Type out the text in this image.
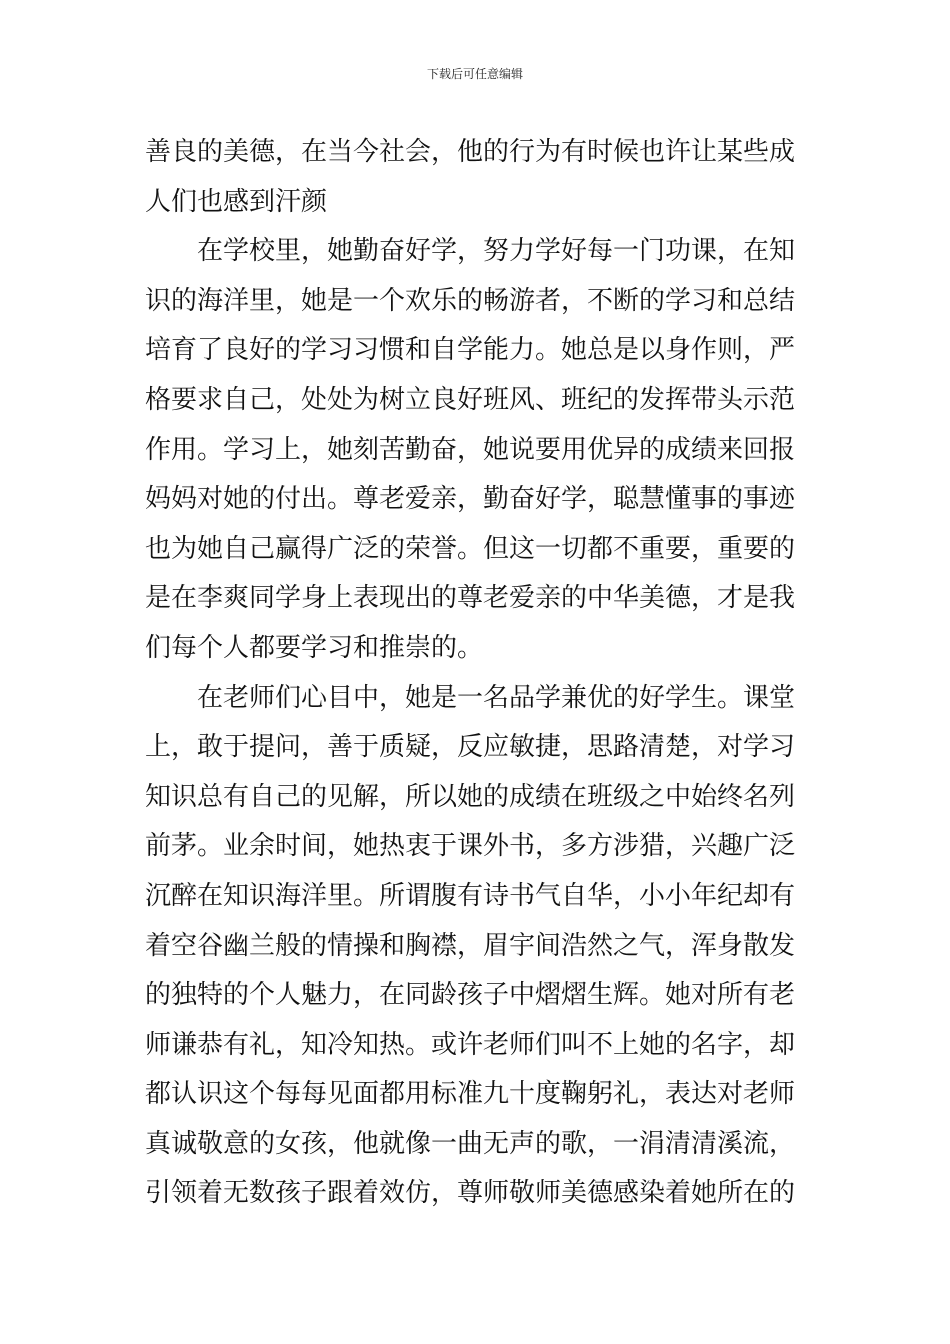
下载后可任意编辑
善良的美德，在当今社会，他的行为有时候也许让某些成
人们也感到汗颜
在学校里，她勤奋好学，努力学好每一门功课，在知
识的海洋里，她是一个欢乐的畅游者，不断的学习和总结
培育了良好的学习习惯和自学能力。她总是以身作则，严
格要求自己，处处为树立良好班风、班纪的发挥带头示范
作用。学习上，她刻苦勤奋，她说要用优异的成绩来回报
妈妈对她的付出。尊老爱亲，勤奋好学，聪慧懂事的事迹
也为她自己赢得广泛的荣誉。但这一切都不重要，重要的
是在李爽同学身上表现出的尊老爱亲的中华美德，才是我
们每个人都要学习和推崇的。
在老师们心目中，她是一名品学兼优的好学生。课堂
上，敢于提问，善于质疑，反应敏捷，思路清楚，对学习
知识总有自己的见解，所以她的成绩在班级之中始终名列
前茅。业余时间，她热衷于课外书，多方涉猎，兴趣广泛
沉醉在知识海洋里。所谓腹有诗书气自华，小小年纪却有
着空谷幽兰般的情操和胸襟，眉宇间浩然之气，浑身散发
的独特的个人魅力，在同龄孩子中熠熠生辉。她对所有老
师谦恭有礼，知冷知热。或许老师们叫不上她的名字，却
都认识这个每每见面都用标准九十度鞠躬礼，表达对老师
真诚敬意的女孩，他就像一曲无声的歌，一涓清清溪流，
引领着无数孩子跟着效仿，尊师敬师美德感染着她所在的
